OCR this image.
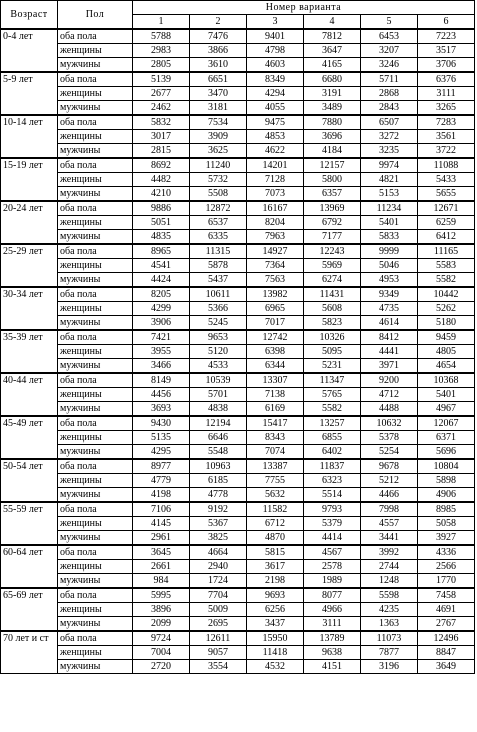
Возраст	Пол	Номер варианта					
		1	2	3	4	5	6
0-4 лет	оба пола	5788	7476	9401	7812	6453	7223
	женщины	2983	3866	4798	3647	3207	3517
	мужчины	2805	3610	4603	4165	3246	3706
5-9 лет	оба пола	5139	6651	8349	6680	5711	6376
	женщины	2677	3470	4294	3191	2868	3111
	мужчины	2462	3181	4055	3489	2843	3265
10-14 лет	оба пола	5832	7534	9475	7880	6507	7283
	женщины	3017	3909	4853	3696	3272	3561
	мужчины	2815	3625	4622	4184	3235	3722
15-19 лет	оба пола	8692	11240	14201	12157	9974	11088
	женщины	4482	5732	7128	5800	4821	5433
	мужчины	4210	5508	7073	6357	5153	5655
20-24 лет	оба пола	9886	12872	16167	13969	11234	12671
	женщины	5051	6537	8204	6792	5401	6259
	мужчины	4835	6335	7963	7177	5833	6412
25-29 лет	оба пола	8965	11315	14927	12243	9999	11165
	женщины	4541	5878	7364	5969	5046	5583
	мужчины	4424	5437	7563	6274	4953	5582
30-34 лет	оба пола	8205	10611	13982	11431	9349	10442
	женщины	4299	5366	6965	5608	4735	5262
	мужчины	3906	5245	7017	5823	4614	5180
35-39 лет	оба пола	7421	9653	12742	10326	8412	9459
	женщины	3955	5120	6398	5095	4441	4805
	мужчины	3466	4533	6344	5231	3971	4654
40-44 лет	оба пола	8149	10539	13307	11347	9200	10368
	женщины	4456	5701	7138	5765	4712	5401
	мужчины	3693	4838	6169	5582	4488	4967
45-49 лет	оба пола	9430	12194	15417	13257	10632	12067
	женщины	5135	6646	8343	6855	5378	6371
	мужчины	4295	5548	7074	6402	5254	5696
50-54 лет	оба пола	8977	10963	13387	11837	9678	10804
	женщины	4779	6185	7755	6323	5212	5898
	мужчины	4198	4778	5632	5514	4466	4906
55-59 лет	оба пола	7106	9192	11582	9793	7998	8985
	женщины	4145	5367	6712	5379	4557	5058
	мужчины	2961	3825	4870	4414	3441	3927
60-64 лет	оба пола	3645	4664	5815	4567	3992	4336
	женщины	2661	2940	3617	2578	2744	2566
	мужчины	984	1724	2198	1989	1248	1770
65-69 лет	оба пола	5995	7704	9693	8077	5598	7458
	женщины	3896	5009	6256	4966	4235	4691
	мужчины	2099	2695	3437	3111	1363	2767
70 лет и ст	оба пола	9724	12611	15950	13789	11073	12496
	женщины	7004	9057	11418	9638	7877	8847
	мужчины	2720	3554	4532	4151	3196	3649
